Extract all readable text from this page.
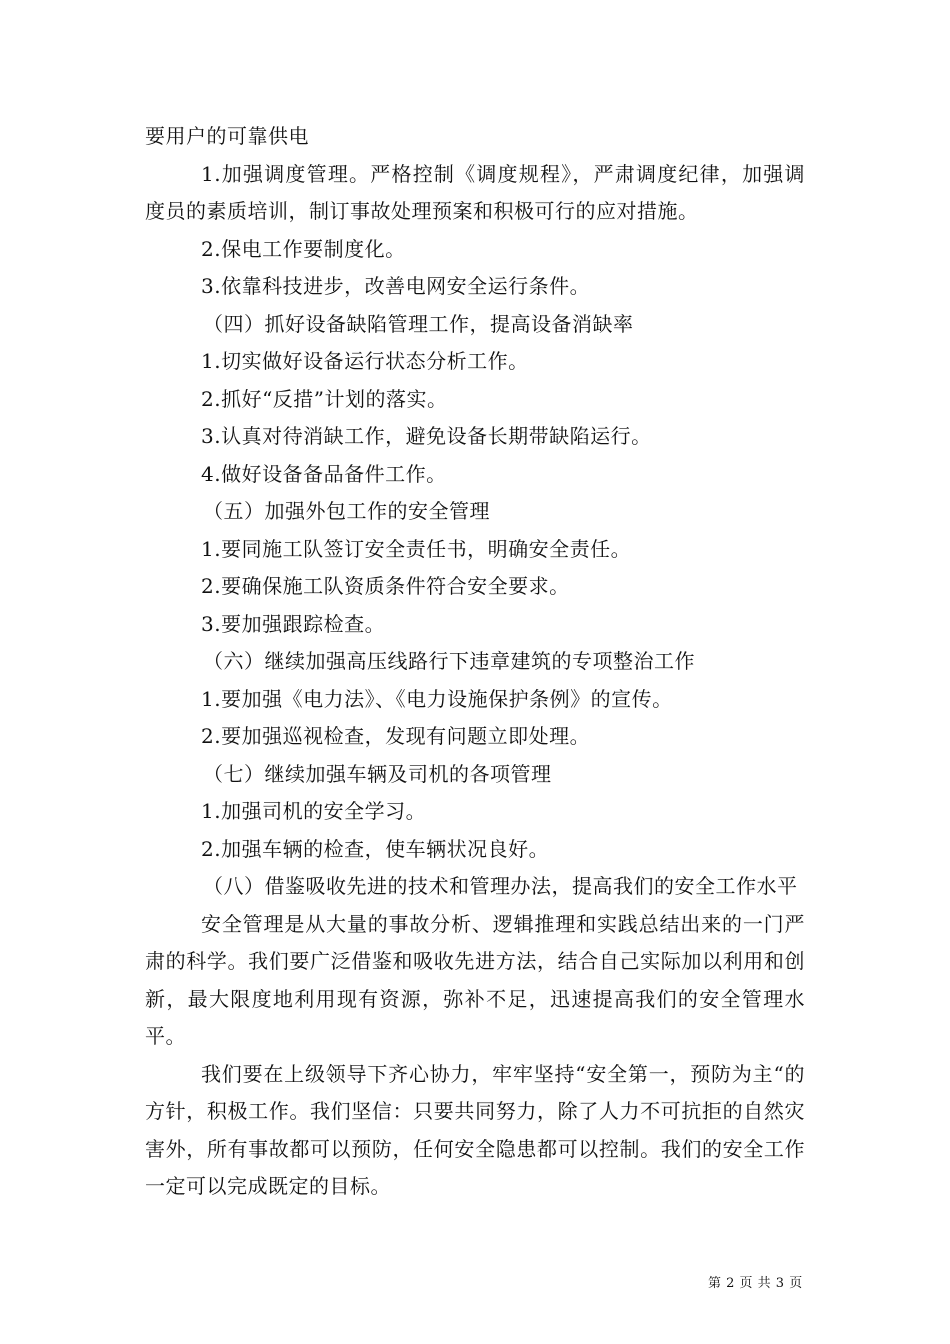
要用户的可靠供电

1.加强调度管理。严格控制《调度规程》，严肃调度纪律，加强调度员的素质培训，制订事故处理预案和积极可行的应对措施。

2.保电工作要制度化。

3.依靠科技进步，改善电网安全运行条件。

（四）抓好设备缺陷管理工作，提高设备消缺率

1.切实做好设备运行状态分析工作。

2.抓好“反措”计划的落实。

3.认真对待消缺工作，避免设备长期带缺陷运行。

4.做好设备备品备件工作。

（五）加强外包工作的安全管理

1.要同施工队签订安全责任书，明确安全责任。

2.要确保施工队资质条件符合安全要求。

3.要加强跟踪检查。

（六）继续加强高压线路行下违章建筑的专项整治工作

1.要加强《电力法》、《电力设施保护条例》的宣传。

2.要加强巡视检查，发现有问题立即处理。

（七）继续加强车辆及司机的各项管理

1.加强司机的安全学习。

2.加强车辆的检查，使车辆状况良好。

（八）借鉴吸收先进的技术和管理办法，提高我们的安全工作水平

安全管理是从大量的事故分析、逻辑推理和实践总结出来的一门严肃的科学。我们要广泛借鉴和吸收先进方法，结合自己实际加以利用和创新，最大限度地利用现有资源，弥补不足，迅速提高我们的安全管理水平。

我们要在上级领导下齐心协力，牢牢坚持“安全第一，预防为主“的方针，积极工作。我们坚信：只要共同努力，除了人力不可抗拒的自然灾害外，所有事故都可以预防，任何安全隐患都可以控制。我们的安全工作一定可以完成既定的目标。

第 2 页 共 3 页
